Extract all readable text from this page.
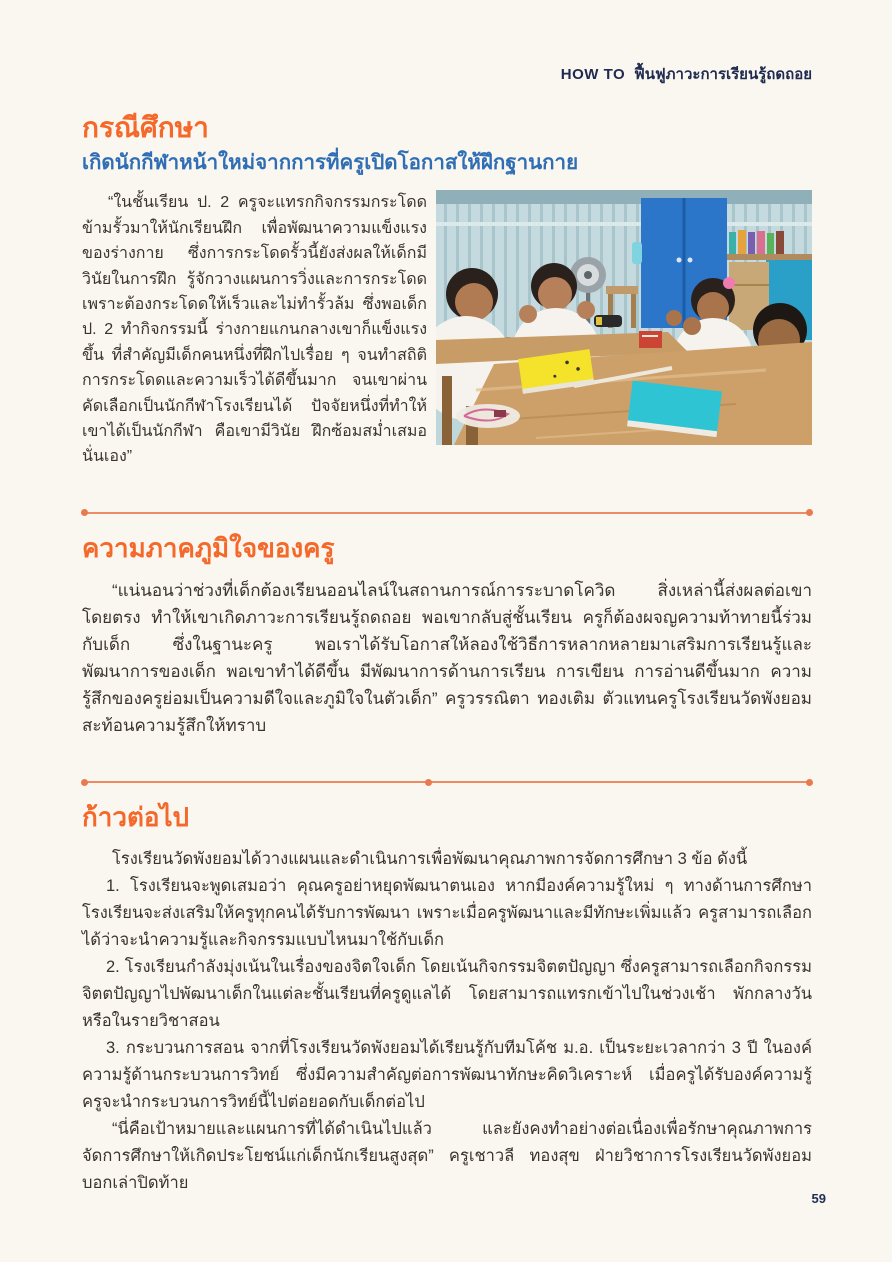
HOW TO ฟื้นฟูภาวะการเรียนรู้ถดถอย
กรณีศึกษา
เกิดนักกีฬาหน้าใหม่จากการที่ครูเปิดโอกาสให้ฝึกฐานกาย

“ในชั้นเรียน ป. 2 ครูจะแทรกกิจกรรมกระโดดข้ามรั้วมาให้นักเรียนฝึก เพื่อพัฒนาความแข็งแรงของร่างกาย ซึ่งการกระโดดรั้วนี้ยังส่งผลให้เด็กมีวินัยในการฝึก รู้จักวางแผนการวิ่งและการกระโดด เพราะต้องกระโดดให้เร็วและไม่ทำรั้วล้ม ซึ่งพอเด็ก ป. 2 ทำกิจกรรมนี้ ร่างกายแกนกลางเขาก็แข็งแรงขึ้น ที่สำคัญมีเด็กคนหนึ่งที่ฝึกไปเรื่อย ๆ จนทำสถิติการกระโดดและความเร็วได้ดีขึ้นมาก จนเขาผ่านคัดเลือกเป็นนักกีฬาโรงเรียนได้ ปัจจัยหนึ่งที่ทำให้เขาได้เป็นนักกีฬา คือเขามีวินัย ฝึกซ้อมสม่ำเสมอนั่นเอง”

ความภาคภูมิใจของครู

“แน่นอนว่าช่วงที่เด็กต้องเรียนออนไลน์ในสถานการณ์การระบาดโควิด สิ่งเหล่านี้ส่งผลต่อเขาโดยตรง ทำให้เขาเกิดภาวะการเรียนรู้ถดถอย พอเขากลับสู่ชั้นเรียน ครูก็ต้องผจญความท้าทายนี้ร่วมกับเด็ก ซึ่งในฐานะครู พอเราได้รับโอกาสให้ลองใช้วิธีการหลากหลายมาเสริมการเรียนรู้และพัฒนาการของเด็ก พอเขาทำได้ดีขึ้น มีพัฒนาการด้านการเรียน การเขียน การอ่านดีขึ้นมาก ความรู้สึกของครูย่อมเป็นความดีใจและภูมิใจในตัวเด็ก” ครูวรรณิตา ทองเติม ตัวแทนครูโรงเรียนวัดพังยอม สะท้อนความรู้สึกให้ทราบ

ก้าวต่อไป

โรงเรียนวัดพังยอมได้วางแผนและดำเนินการเพื่อพัฒนาคุณภาพการจัดการศึกษา 3 ข้อ ดังนี้

1. โรงเรียนจะพูดเสมอว่า คุณครูอย่าหยุดพัฒนาตนเอง หากมีองค์ความรู้ใหม่ ๆ ทางด้านการศึกษา โรงเรียนจะส่งเสริมให้ครูทุกคนได้รับการพัฒนา เพราะเมื่อครูพัฒนาและมีทักษะเพิ่มแล้ว ครูสามารถเลือกได้ว่าจะนำความรู้และกิจกรรมแบบไหนมาใช้กับเด็ก

2. โรงเรียนกำลังมุ่งเน้นในเรื่องของจิตใจเด็ก โดยเน้นกิจกรรมจิตตปัญญา ซึ่งครูสามารถเลือกกิจกรรมจิตตปัญญาไปพัฒนาเด็กในแต่ละชั้นเรียนที่ครูดูแลได้ โดยสามารถแทรกเข้าไปในช่วงเช้า พักกลางวัน หรือในรายวิชาสอน

3. กระบวนการสอน จากที่โรงเรียนวัดพังยอมได้เรียนรู้กับทีมโค้ช ม.อ. เป็นระยะเวลากว่า 3 ปี ในองค์ความรู้ด้านกระบวนการวิทย์ ซึ่งมีความสำคัญต่อการพัฒนาทักษะคิดวิเคราะห์ เมื่อครูได้รับองค์ความรู้ ครูจะนำกระบวนการวิทย์นี้ไปต่อยอดกับเด็กต่อไป

“นี่คือเป้าหมายและแผนการที่ได้ดำเนินไปแล้ว และยังคงทำอย่างต่อเนื่องเพื่อรักษาคุณภาพการจัดการศึกษาให้เกิดประโยชน์แก่เด็กนักเรียนสูงสุด” ครูเชาวลี ทองสุข ฝ่ายวิชาการโรงเรียนวัดพังยอม บอกเล่าปิดท้าย

59
